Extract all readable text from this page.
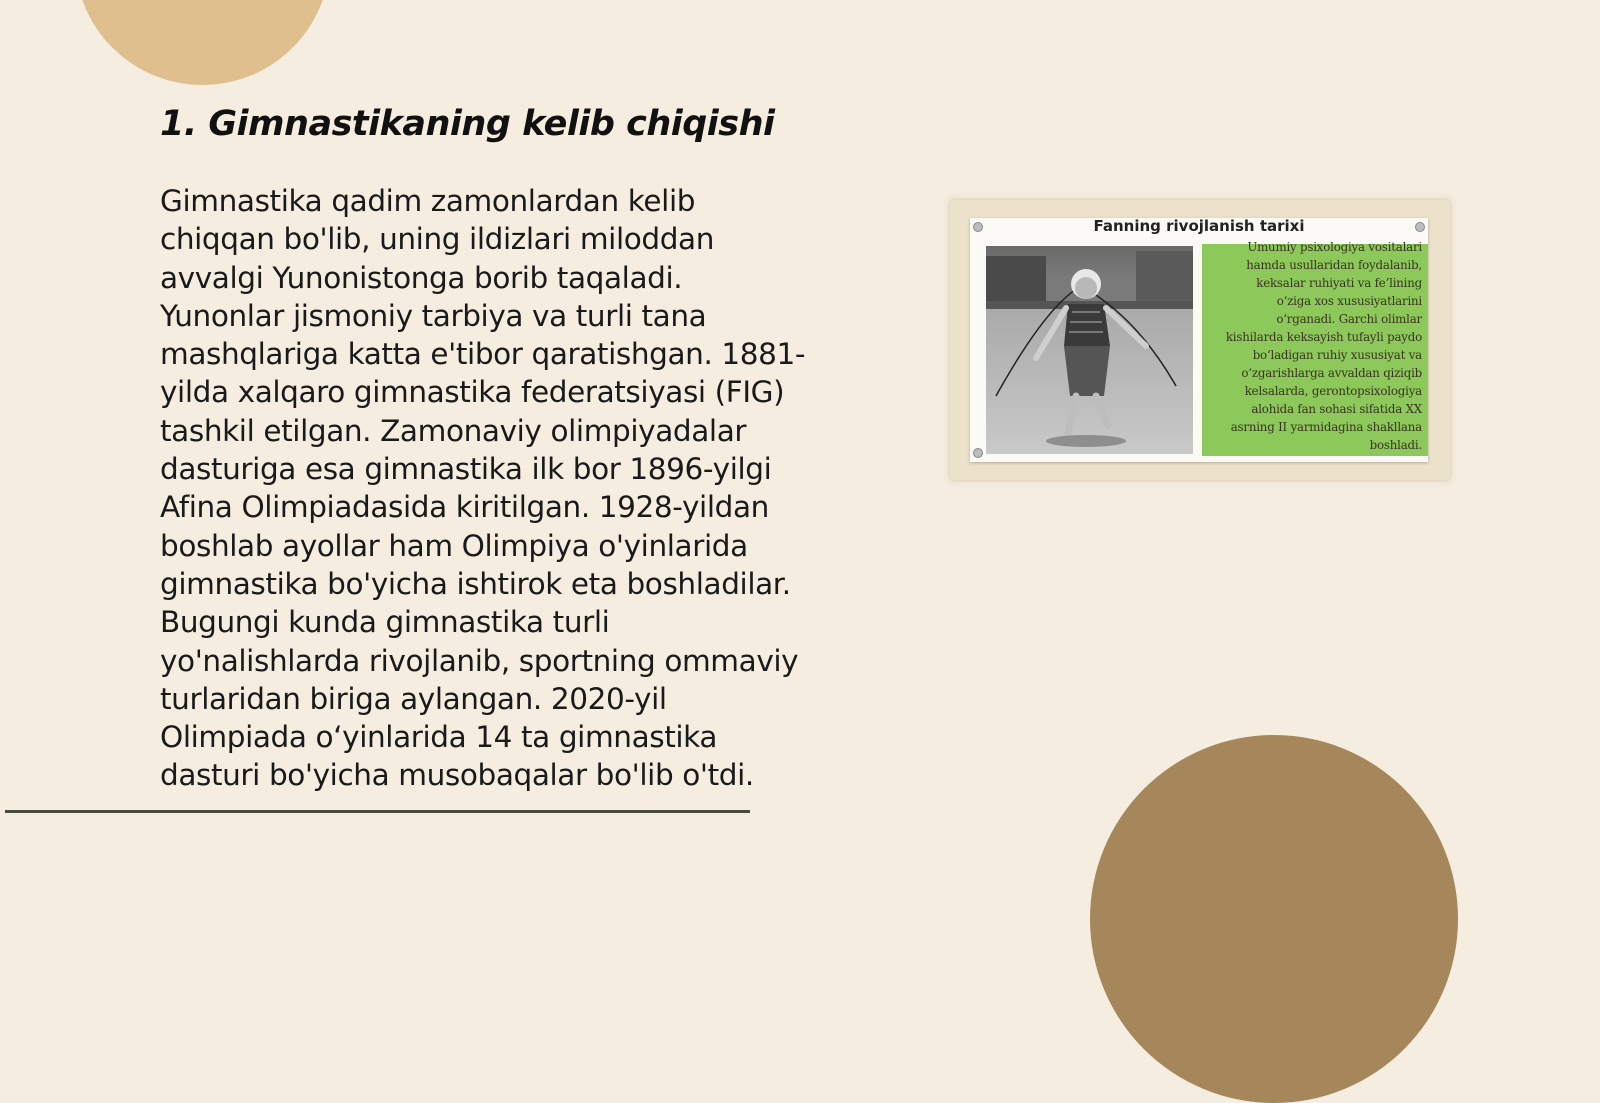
1. Gimnastikaning kelib chiqishi

Gimnastika qadim zamonlardan kelib
chiqqan bo'lib, uning ildizlari miloddan
avvalgi Yunonistonga borib taqaladi.
Yunonlar jismoniy tarbiya va turli tana
mashqlariga katta e'tibor qaratishgan. 1881-
yilda xalqaro gimnastika federatsiyasi (FIG)
tashkil etilgan. Zamonaviy olimpiyadalar
dasturiga esa gimnastika ilk bor 1896-yilgi
Afina Olimpiadasida kiritilgan. 1928-yildan
boshlab ayollar ham Olimpiya o'yinlarida
gimnastika bo'yicha ishtirok eta boshladilar.
Bugungi kunda gimnastika turli
yo'nalishlarda rivojlanib, sportning ommaviy
turlaridan biriga aylangan. 2020-yil
Olimpiada o‘yinlarida 14 ta gimnastika
dasturi bo'yicha musobaqalar bo'lib o'tdi.

Fanning rivojlanish tarixi

Umumiy psixologiya vositalari
hamda usullaridan foydalanib,
keksalar ruhiyati va fe’lining
o‘ziga xos xususiyatlarini
o‘rganadi. Garchi olimlar
kishilarda keksayish tufayli paydo
bo‘ladigan ruhiy xususiyat va
o‘zgarishlarga avvaldan qiziqib
kelsalarda, gerontopsixologiya
alohida fan sohasi sifatida XX
asrning II yarmidagina shakllana
boshladi.
